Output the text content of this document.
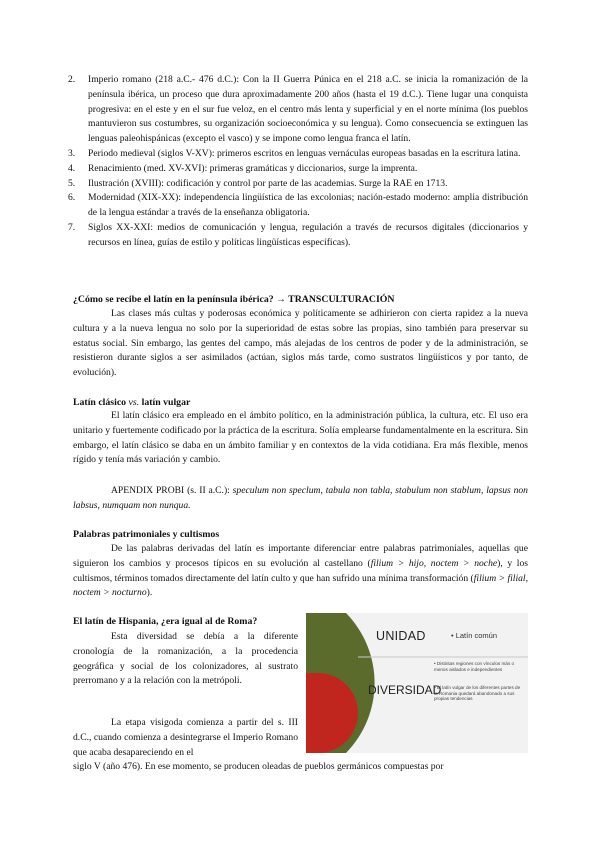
2. Imperio romano (218 a.C.- 476 d.C.): Con la II Guerra Púnica en el 218 a.C. se inicia la romanización de la península ibérica, un proceso que dura aproximadamente 200 años (hasta el 19 d.C.). Tiene lugar una conquista progresiva: en el este y en el sur fue veloz, en el centro más lenta y superficial y en el norte mínima (los pueblos mantuvieron sus costumbres, su organización socioeconómica y su lengua). Como consecuencia se extinguen las lenguas paleohispánicas (excepto el vasco) y se impone como lengua franca el latín.
3. Periodo medieval (siglos V-XV): primeros escritos en lenguas vernáculas europeas basadas en la escritura latina.
4. Renacimiento (med. XV-XVI): primeras gramáticas y diccionarios, surge la imprenta.
5. Ilustración (XVIII): codificación y control por parte de las academias. Surge la RAE en 1713.
6. Modernidad (XIX-XX): independencia lingüística de las excolonias; nación-estado moderno: amplia distribución de la lengua estándar a través de la enseñanza obligatoria.
7. Siglos XX-XXI: medios de comunicación y lengua, regulación a través de recursos digitales (diccionarios y recursos en línea, guías de estilo y políticas lingüísticas específicas).
¿Cómo se recibe el latín en la península ibérica? → TRANSCULTURACIÓN
Las clases más cultas y poderosas económica y políticamente se adhirieron con cierta rapidez a la nueva cultura y a la nueva lengua no solo por la superioridad de estas sobre las propias, sino también para preservar su estatus social. Sin embargo, las gentes del campo, más alejadas de los centros de poder y de la administración, se resistieron durante siglos a ser asimilados (actúan, siglos más tarde, como sustratos lingüísticos y por tanto, de evolución).
Latín clásico vs. latín vulgar
El latín clásico era empleado en el ámbito político, en la administración pública, la cultura, etc. El uso era unitario y fuertemente codificado por la práctica de la escritura. Solía emplearse fundamentalmente en la escritura. Sin embargo, el latín clásico se daba en un ámbito familiar y en contextos de la vida cotidiana. Era más flexible, menos rígido y tenía más variación y cambio.
APENDIX PROBI (s. II a.C.): speculum non speclum, tabula non tabla, stabulum non stablum, lapsus non labsus, numquam non nunqua.
Palabras patrimoniales y cultismos
De las palabras derivadas del latín es importante diferenciar entre palabras patrimoniales, aquellas que siguieron los cambios y procesos típicos en su evolución al castellano (filium > hijo, noctem > noche), y los cultismos, términos tomados directamente del latín culto y que han sufrido una mínima transformación (filium > filial, noctem > nocturno).
El latín de Hispania, ¿era igual al de Roma?
Esta diversidad se debía a la diferente cronología de la romanización, a la procedencia geográfica y social de los colonizadores, al sustrato prerromano y a la relación con la metrópoli.
La etapa visigoda comienza a partir del s. III d.C., cuando comienza a desintegrarse el Imperio Romano que acaba desapareciendo en el
siglo V (año 476). En ese momento, se producen oleadas de pueblos germánicos compuestas por
UNIDAD	• Latín común
DIVERSIDAD
• Distintas regiones con vínculos más o menos aislados e independientes
• El latín vulgar de los diferentes partes de la Romania quedará abandonado a sus propias tendencias
